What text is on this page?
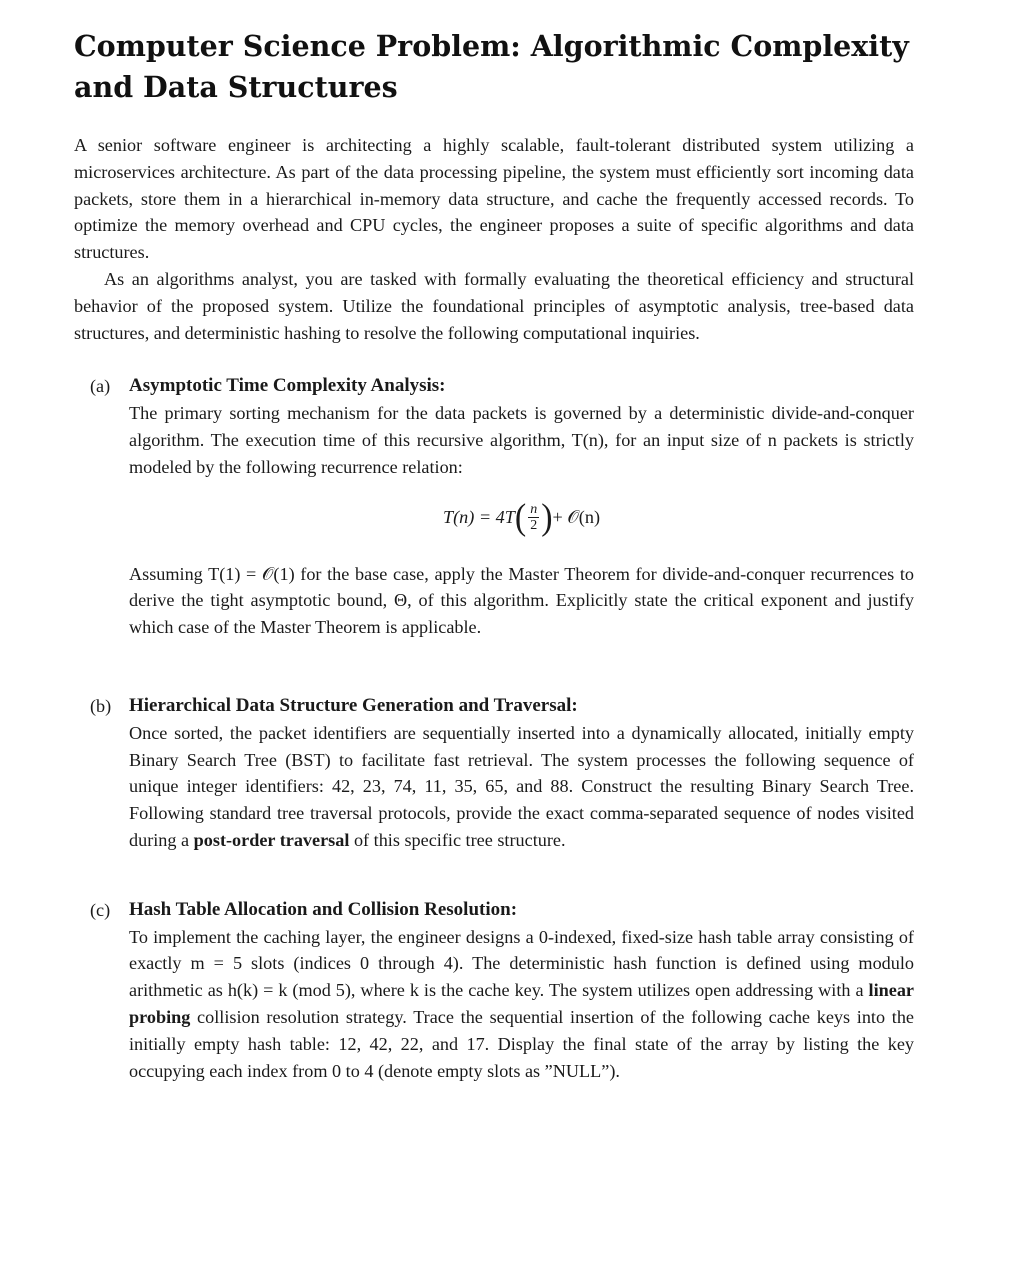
Computer Science Problem: Algorithmic Complexity and Data Structures

A senior software engineer is architecting a highly scalable, fault-tolerant distributed system utilizing a microservices architecture. As part of the data processing pipeline, the system must efficiently sort incoming data packets, store them in a hierarchical in-memory data structure, and cache the frequently accessed records. To optimize the memory overhead and CPU cycles, the engineer proposes a suite of specific algorithms and data structures.

As an algorithms analyst, you are tasked with formally evaluating the theoretical efficiency and structural behavior of the proposed system. Utilize the foundational principles of asymptotic analysis, tree-based data structures, and deterministic hashing to resolve the following computational inquiries.

(a) Asymptotic Time Complexity Analysis:

The primary sorting mechanism for the data packets is governed by a deterministic divide-and-conquer algorithm. The execution time of this recursive algorithm, T(n), for an input size of n packets is strictly modeled by the following recurrence relation:

T(n) = 4T ( $\frac{n}{2}$ ) + 𝒪(n)

Assuming T(1) = 𝒪(1) for the base case, apply the Master Theorem for divide-and-conquer recurrences to derive the tight asymptotic bound, Θ, of this algorithm. Explicitly state the critical exponent and justify which case of the Master Theorem is applicable.

(b) Hierarchical Data Structure Generation and Traversal:

Once sorted, the packet identifiers are sequentially inserted into a dynamically allocated, initially empty Binary Search Tree (BST) to facilitate fast retrieval. The system processes the following sequence of unique integer identifiers: 42, 23, 74, 11, 35, 65, and 88. Construct the resulting Binary Search Tree. Following standard tree traversal protocols, provide the exact comma-separated sequence of nodes visited during a post-order traversal of this specific tree structure.

(c) Hash Table Allocation and Collision Resolution:

To implement the caching layer, the engineer designs a 0-indexed, fixed-size hash table array consisting of exactly m = 5 slots (indices 0 through 4). The deterministic hash function is defined using modulo arithmetic as h(k) = k (mod 5), where k is the cache key. The system utilizes open addressing with a linear probing collision resolution strategy. Trace the sequential insertion of the following cache keys into the initially empty hash table: 12, 42, 22, and 17. Display the final state of the array by listing the key occupying each index from 0 to 4 (denote empty slots as ”NULL”).
